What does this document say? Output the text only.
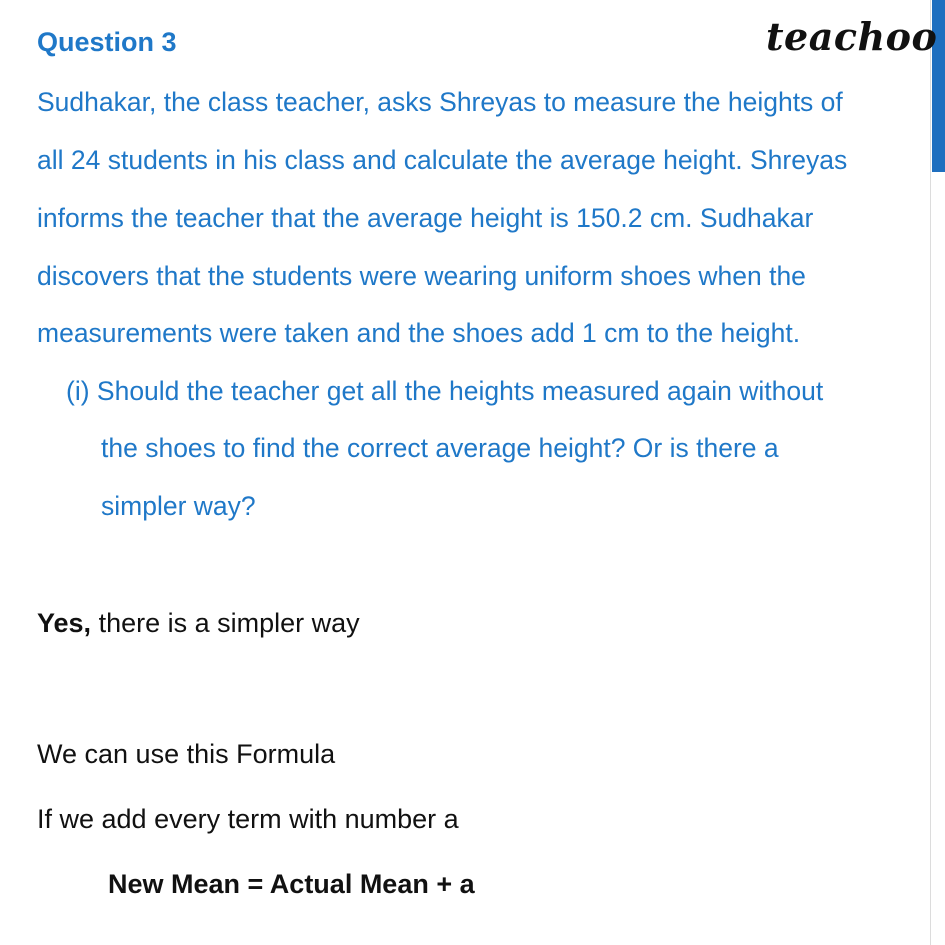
Question 3	teachoo
Sudhakar, the class teacher, asks Shreyas to measure the heights of
all 24 students in his class and calculate the average height. Shreyas
informs the teacher that the average height is 150.2 cm. Sudhakar
discovers that the students were wearing uniform shoes when the
measurements were taken and the shoes add 1 cm to the height.
(i) Should the teacher get all the heights measured again without
the shoes to find the correct average height? Or is there a
simpler way?
Yes, there is a simpler way
We can use this Formula
If we add every term with number a
New Mean = Actual Mean + a
